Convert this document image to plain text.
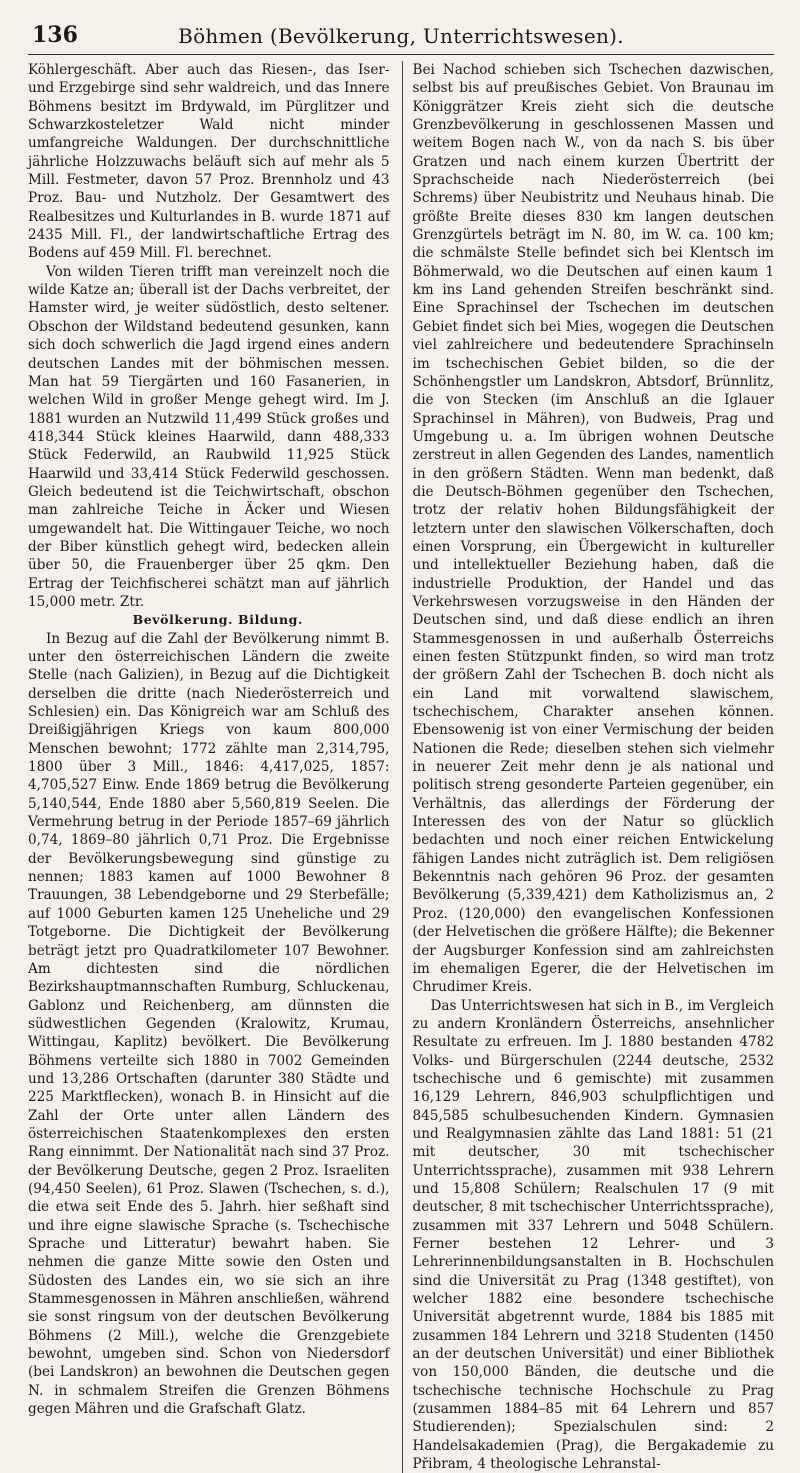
136	Böhmen (Bevölkerung, Unterrichtswesen).

Köhlergeschäft. Aber auch das Riesen-, das Iser- und Erzgebirge sind sehr waldreich, und das Innere Böhmens besitzt im Brdywald, im Pürglitzer und Schwarzkosteletzer Wald nicht minder umfangreiche Waldungen. Der durchschnittliche jährliche Holzzuwachs beläuft sich auf mehr als 5 Mill. Festmeter, davon 57 Proz. Brennholz und 43 Proz. Bau- und Nutzholz. Der Gesamtwert des Realbesitzes und Kulturlandes in B. wurde 1871 auf 2435 Mill. Fl., der landwirtschaftliche Ertrag des Bodens auf 459 Mill. Fl. berechnet.

Von wilden Tieren trifft man vereinzelt noch die wilde Katze an; überall ist der Dachs verbreitet, der Hamster wird, je weiter südöstlich, desto seltener. Obschon der Wildstand bedeutend gesunken, kann sich doch schwerlich die Jagd irgend eines andern deutschen Landes mit der böhmischen messen. Man hat 59 Tiergärten und 160 Fasanerien, in welchen Wild in großer Menge gehegt wird. Im J. 1881 wurden an Nutzwild 11,499 Stück großes und 418,344 Stück kleines Haarwild, dann 488,333 Stück Federwild, an Raubwild 11,925 Stück Haarwild und 33,414 Stück Federwild geschossen. Gleich bedeutend ist die Teichwirtschaft, obschon man zahlreiche Teiche in Äcker und Wiesen umgewandelt hat. Die Wittingauer Teiche, wo noch der Biber künstlich gehegt wird, bedecken allein über 50, die Frauenberger über 25 qkm. Den Ertrag der Teichfischerei schätzt man auf jährlich 15,000 metr. Ztr.

Bevölkerung. Bildung.

In Bezug auf die Zahl der Bevölkerung nimmt B. unter den österreichischen Ländern die zweite Stelle (nach Galizien), in Bezug auf die Dichtigkeit derselben die dritte (nach Niederösterreich und Schlesien) ein. Das Königreich war am Schluß des Dreißigjährigen Kriegs von kaum 800,000 Menschen bewohnt; 1772 zählte man 2,314,795, 1800 über 3 Mill., 1846: 4,417,025, 1857: 4,705,527 Einw. Ende 1869 betrug die Bevölkerung 5,140,544, Ende 1880 aber 5,560,819 Seelen. Die Vermehrung betrug in der Periode 1857–69 jährlich 0,74, 1869–80 jährlich 0,71 Proz. Die Ergebnisse der Bevölkerungsbewegung sind günstige zu nennen; 1883 kamen auf 1000 Bewohner 8 Trauungen, 38 Lebendgeborne und 29 Sterbefälle; auf 1000 Geburten kamen 125 Uneheliche und 29 Totgeborne. Die Dichtigkeit der Bevölkerung beträgt jetzt pro Quadratkilometer 107 Bewohner. Am dichtesten sind die nördlichen Bezirkshauptmannschaften Rumburg, Schluckenau, Gablonz und Reichenberg, am dünnsten die südwestlichen Gegenden (Kralowitz, Krumau, Wittingau, Kaplitz) bevölkert. Die Bevölkerung Böhmens verteilte sich 1880 in 7002 Gemeinden und 13,286 Ortschaften (darunter 380 Städte und 225 Marktflecken), wonach B. in Hinsicht auf die Zahl der Orte unter allen Ländern des österreichischen Staatenkomplexes den ersten Rang einnimmt. Der Nationalität nach sind 37 Proz. der Bevölkerung Deutsche, gegen 2 Proz. Israeliten (94,450 Seelen), 61 Proz. Slawen (Tschechen, s. d.), die etwa seit Ende des 5. Jahrh. hier seßhaft sind und ihre eigne slawische Sprache (s. Tschechische Sprache und Litteratur) bewahrt haben. Sie nehmen die ganze Mitte sowie den Osten und Südosten des Landes ein, wo sie sich an ihre Stammesgenossen in Mähren anschließen, während sie sonst ringsum von der deutschen Bevölkerung Böhmens (2 Mill.), welche die Grenzgebiete bewohnt, umgeben sind. Schon von Niedersdorf (bei Landskron) an bewohnen die Deutschen gegen N. in schmalem Streifen die Grenzen Böhmens gegen Mähren und die Grafschaft Glatz.

Bei Nachod schieben sich Tschechen dazwischen, selbst bis auf preußisches Gebiet. Von Braunau im Königgrätzer Kreis zieht sich die deutsche Grenzbevölkerung in geschlossenen Massen und weitem Bogen nach W., von da nach S. bis über Gratzen und nach einem kurzen Übertritt der Sprachscheide nach Niederösterreich (bei Schrems) über Neubistritz und Neuhaus hinab. Die größte Breite dieses 830 km langen deutschen Grenzgürtels beträgt im N. 80, im W. ca. 100 km; die schmälste Stelle befindet sich bei Klentsch im Böhmerwald, wo die Deutschen auf einen kaum 1 km ins Land gehenden Streifen beschränkt sind. Eine Sprachinsel der Tschechen im deutschen Gebiet findet sich bei Mies, wogegen die Deutschen viel zahlreichere und bedeutendere Sprachinseln im tschechischen Gebiet bilden, so die der Schönhengstler um Landskron, Abtsdorf, Brünnlitz, die von Stecken (im Anschluß an die Iglauer Sprachinsel in Mähren), von Budweis, Prag und Umgebung u. a. Im übrigen wohnen Deutsche zerstreut in allen Gegenden des Landes, namentlich in den größern Städten. Wenn man bedenkt, daß die Deutsch-Böhmen gegenüber den Tschechen, trotz der relativ hohen Bildungsfähigkeit der letztern unter den slawischen Völkerschaften, doch einen Vorsprung, ein Übergewicht in kultureller und intellektueller Beziehung haben, daß die industrielle Produktion, der Handel und das Verkehrswesen vorzugsweise in den Händen der Deutschen sind, und daß diese endlich an ihren Stammesgenossen in und außerhalb Österreichs einen festen Stützpunkt finden, so wird man trotz der größern Zahl der Tschechen B. doch nicht als ein Land mit vorwaltend slawischem, tschechischem, Charakter ansehen können. Ebensowenig ist von einer Vermischung der beiden Nationen die Rede; dieselben stehen sich vielmehr in neuerer Zeit mehr denn je als national und politisch streng gesonderte Parteien gegenüber, ein Verhältnis, das allerdings der Förderung der Interessen des von der Natur so glücklich bedachten und noch einer reichen Entwickelung fähigen Landes nicht zuträglich ist. Dem religiösen Bekenntnis nach gehören 96 Proz. der gesamten Bevölkerung (5,339,421) dem Katholizismus an, 2 Proz. (120,000) den evangelischen Konfessionen (der Helvetischen die größere Hälfte); die Bekenner der Augsburger Konfession sind am zahlreichsten im ehemaligen Egerer, die der Helvetischen im Chrudimer Kreis.

Das Unterrichtswesen hat sich in B., im Vergleich zu andern Kronländern Österreichs, ansehnlicher Resultate zu erfreuen. Im J. 1880 bestanden 4782 Volks- und Bürgerschulen (2244 deutsche, 2532 tschechische und 6 gemischte) mit zusammen 16,129 Lehrern, 846,903 schulpflichtigen und 845,585 schulbesuchenden Kindern. Gymnasien und Realgymnasien zählte das Land 1881: 51 (21 mit deutscher, 30 mit tschechischer Unterrichtssprache), zusammen mit 938 Lehrern und 15,808 Schülern; Realschulen 17 (9 mit deutscher, 8 mit tschechischer Unterrichtssprache), zusammen mit 337 Lehrern und 5048 Schülern. Ferner bestehen 12 Lehrer- und 3 Lehrerinnenbildungsanstalten in B. Hochschulen sind die Universität zu Prag (1348 gestiftet), von welcher 1882 eine besondere tschechische Universität abgetrennt wurde, 1884 bis 1885 mit zusammen 184 Lehrern und 3218 Studenten (1450 an der deutschen Universität) und einer Bibliothek von 150,000 Bänden, die deutsche und die tschechische technische Hochschule zu Prag (zusammen 1884–85 mit 64 Lehrern und 857 Studierenden); Spezialschulen sind: 2 Handelsakademien (Prag), die Bergakademie zu Přibram, 4 theologische Lehranstal-
